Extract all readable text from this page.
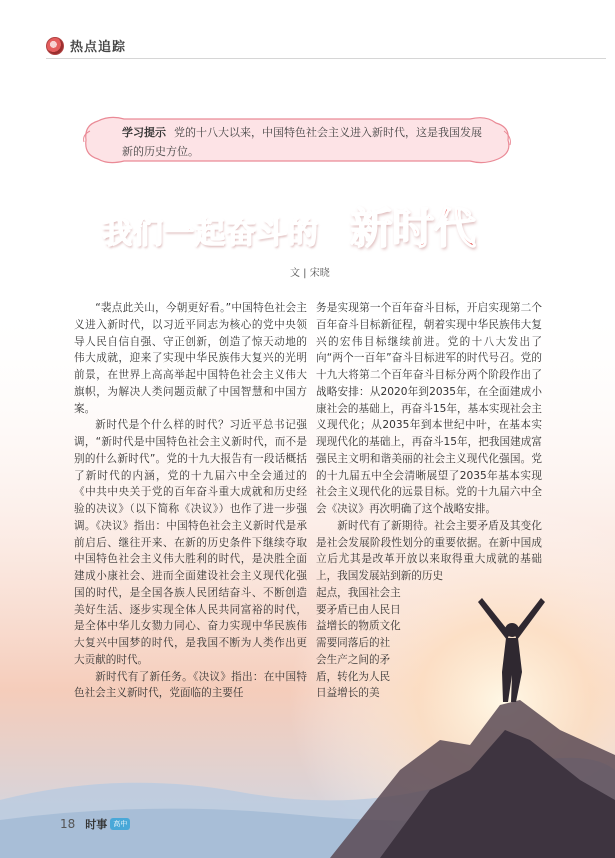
热点追踪
学习提示 党的十八大以来，中国特色社会主义进入新时代，这是我国发展新的历史方位。
我们一起奋斗的 新时代
文 | 宋晓

“裴点此关山，今朝更好看。”中国特色社会主义进入新时代，以习近平同志为核心的党中央领导人民自信自强、守正创新，创造了惊天动地的伟大成就，迎来了实现中华民族伟大复兴的光明前景，在世界上高高举起中国特色社会主义伟大旗帜，为解决人类问题贡献了中国智慧和中国方案。

新时代是个什么样的时代？习近平总书记强调，“新时代是中国特色社会主义新时代，而不是别的什么新时代”。党的十九大报告有一段话概括了新时代的内涵，党的十九届六中全会通过的《中共中央关于党的百年奋斗重大成就和历史经验的决议》（以下简称《决议》）也作了进一步强调。《决议》指出：中国特色社会主义新时代是承前启后、继往开来、在新的历史条件下继续夺取中国特色社会主义伟大胜利的时代，是决胜全面建成小康社会、进而全面建设社会主义现代化强国的时代，是全国各族人民团结奋斗、不断创造美好生活、逐步实现全体人民共同富裕的时代，是全体中华儿女勠力同心、奋力实现中华民族伟大复兴中国梦的时代，是我国不断为人类作出更大贡献的时代。

新时代有了新任务。《决议》指出：在中国特色社会主义新时代，党面临的主要任

务是实现第一个百年奋斗目标，开启实现第二个百年奋斗目标新征程，朝着实现中华民族伟大复兴的宏伟目标继续前进。党的十八大发出了向“两个一百年”奋斗目标进军的时代号召。党的十九大将第二个百年奋斗目标分两个阶段作出了战略安排：从2020年到2035年，在全面建成小康社会的基础上，再奋斗15年，基本实现社会主义现代化；从2035年到本世纪中叶，在基本实现现代化的基础上，再奋斗15年，把我国建成富强民主文明和谐美丽的社会主义现代化强国。党的十九届五中全会清晰展望了2035年基本实现社会主义现代化的远景目标。党的十九届六中全会《决议》再次明确了这个战略安排。

新时代有了新期待。社会主要矛盾及其变化是社会发展阶段性划分的重要依据。在新中国成立后尤其是改革开放以来取得重大成就的基础上，我国发展站到新的历史

起点，我国社会主
要矛盾已由人民日
益增长的物质文化
需要同落后的社
会生产之间的矛
盾，转化为人民
日益增长的美
18 时事 高中
